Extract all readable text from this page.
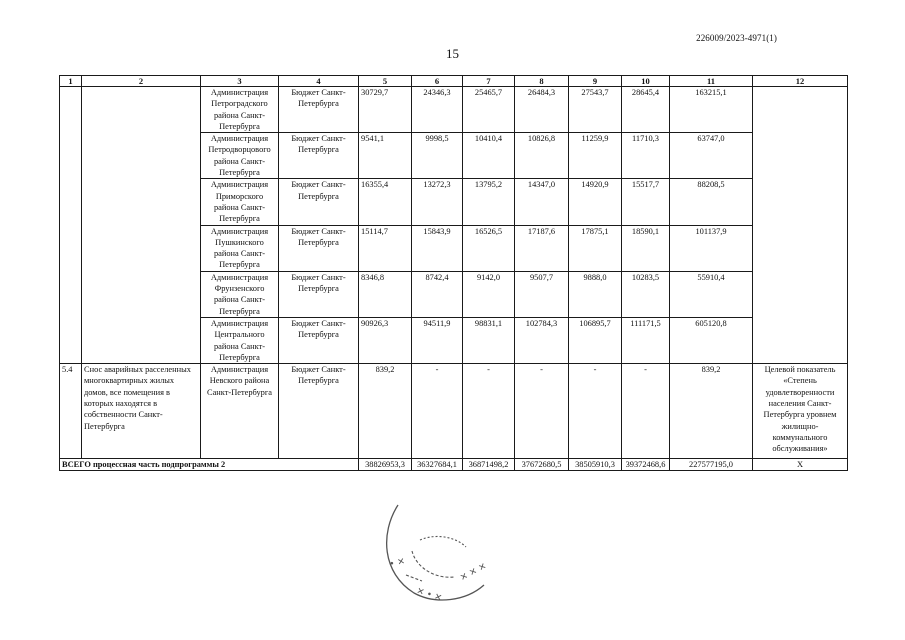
226009/2023-4971(1)
15
1	2	3	4	5	6	7	8	9	10	11	12
		Администрация Петроградского района Санкт-Петербурга	Бюджет Санкт-Петербурга	30729,7	24346,3	25465,7	26484,3	27543,7	28645,4	163215,1	
		Администрация Петродворцового района Санкт-Петербурга	Бюджет Санкт-Петербурга	9541,1	9998,5	10410,4	10826,8	11259,9	11710,3	63747,0	
		Администрация Приморского района Санкт-Петербурга	Бюджет Санкт-Петербурга	16355,4	13272,3	13795,2	14347,0	14920,9	15517,7	88208,5	
		Администрация Пушкинского района Санкт-Петербурга	Бюджет Санкт-Петербурга	15114,7	15843,9	16526,5	17187,6	17875,1	18590,1	101137,9	
		Администрация Фрунзенского района Санкт-Петербурга	Бюджет Санкт-Петербурга	8346,8	8742,4	9142,0	9507,7	9888,0	10283,5	55910,4	
		Администрация Центрального района Санкт-Петербурга	Бюджет Санкт-Петербурга	90926,3	94511,9	98831,1	102784,3	106895,7	111171,5	605120,8	
5.4	Снос аварийных расселенных многоквартирных жилых домов, все помещения в которых находятся в собственности Санкт-Петербурга	Администрация Невского района Санкт-Петербурга	Бюджет Санкт-Петербурга	839,2	-	-	-	-	-	839,2	Целевой показатель «Степень удовлетворенности населения Санкт-Петербурга уровнем жилищно-коммунального обслуживания»
ВСЕГО процессная часть подпрограммы 2				38826953,3	36327684,1	36871498,2	37672680,5	38505910,3	39372468,6	227577195,0	Х
✕ • ✕
✕ ✕ ✕
• ✕
